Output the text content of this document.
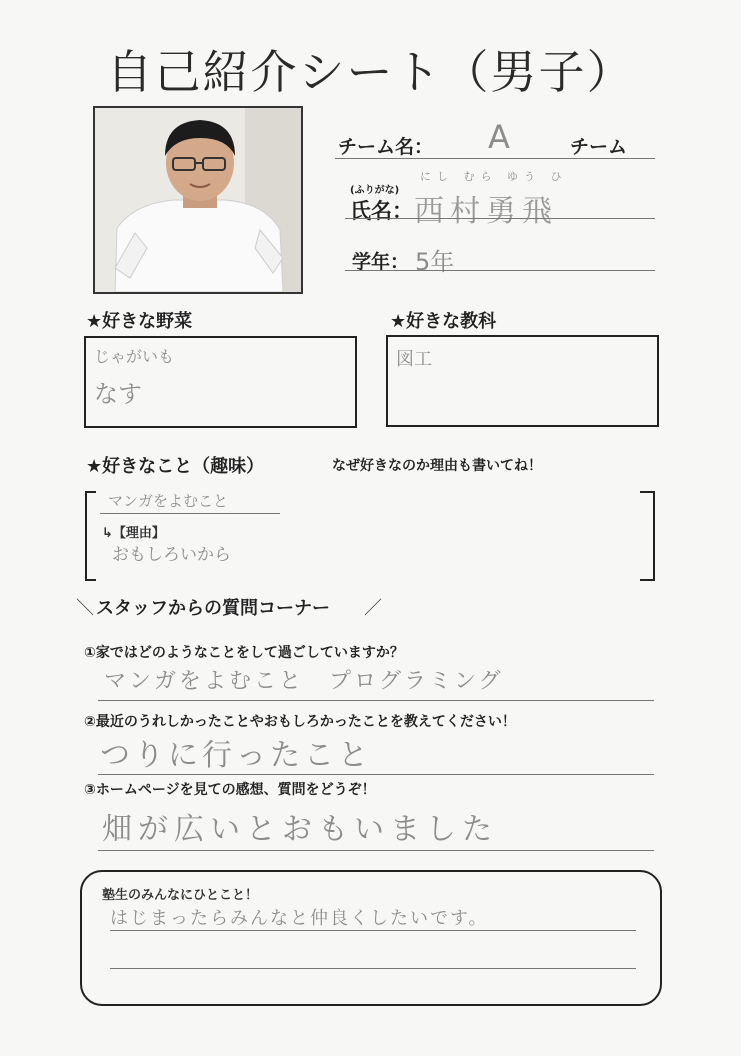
自己紹介シート（男子）
チーム名： A	チーム
(ふりがな)
にし むら ゆう ひ
氏名： 西村勇飛
学年： 5年
★好きな野菜
じゃがいも
なす
★好きな教科
図工
★好きなこと（趣味）	なぜ好きなのか理由も書いてね！
マンガをよむこと
↳【理由】
おもしろいから
＼ スタッフからの質問コーナー ／
①家ではどのようなことをして過ごしていますか？
マンガをよむこと　プログラミング
②最近のうれしかったことやおもしろかったことを教えてください！
つりに行ったこと
③ホームページを見ての感想、質問をどうぞ！
畑が広いとおもいました
塾生のみんなにひとこと！
はじまったらみんなと仲良くしたいです。
